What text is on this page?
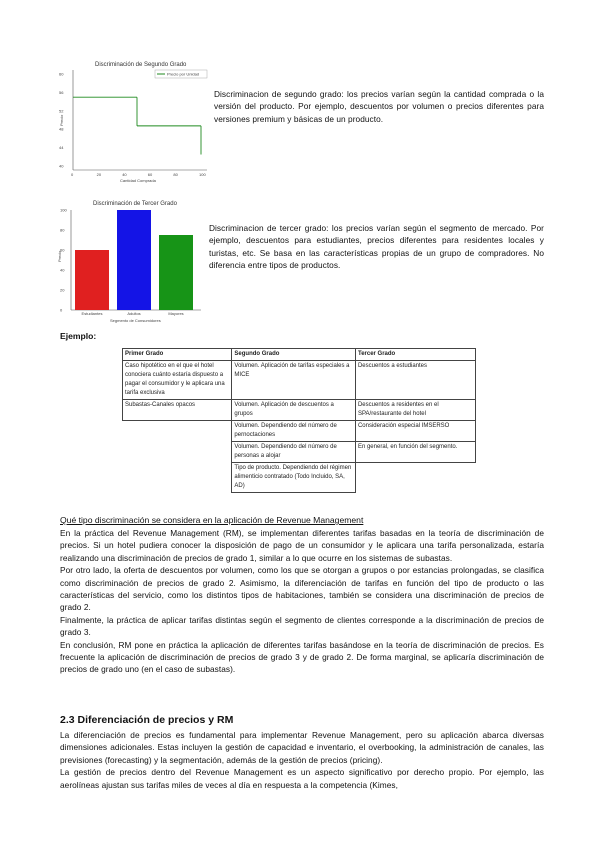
Discriminación de Segundo Grado
Precio por Unidad
60
56
52
48
44
40
0	20	40	60	80	100
Precio
Cantidad Comprada
Discriminacion de segundo grado: los precios varían según la cantidad comprada o la versión del producto. Por ejemplo, descuentos por volumen o precios diferentes para versiones premium y básicas de un producto.
Discriminación de Tercer Grado
0
20
40
60
80
100
Estudiantes	Adultos	Mayores
Precio
Segmento de Consumidores
Discriminacion de tercer grado: los precios varían según el segmento de mercado. Por ejemplo, descuentos para estudiantes, precios diferentes para residentes locales y turistas, etc. Se basa en las características propias de un grupo de compradores. No diferencia entre tipos de productos.
Ejemplo:
Primer Grado	Segundo Grado	Tercer Grado
Caso hipotético en el que el hotel conociera cuánto estaría dispuesto a pagar el consumidor y le aplicara una tarifa exclusiva	Volumen. Aplicación de tarifas especiales a MICE	Descuentos a estudiantes
Subastas-Canales opacos	Volumen. Aplicación de descuentos a grupos	Descuentos a residentes en el SPA/restaurante del hotel
	Volumen. Dependiendo del número de pernoctaciones	Consideración especial IMSERSO
	Volumen. Dependiendo del número de personas a alojar	En general, en función del segmento.
	Tipo de producto. Dependiendo del régimen alimenticio contratado (Todo Incluido, SA, AD)	
Qué tipo discriminación se considera en la aplicación de Revenue Management
En la práctica del Revenue Management (RM), se implementan diferentes tarifas basadas en la teoría de discriminación de precios. Si un hotel pudiera conocer la disposición de pago de un consumidor y le aplicara una tarifa personalizada, estaría realizando una discriminación de precios de grado 1, similar a lo que ocurre en los sistemas de subastas.
Por otro lado, la oferta de descuentos por volumen, como los que se otorgan a grupos o por estancias prolongadas, se clasifica como discriminación de precios de grado 2. Asimismo, la diferenciación de tarifas en función del tipo de producto o las características del servicio, como los distintos tipos de habitaciones, también se considera una discriminación de precios de grado 2.
Finalmente, la práctica de aplicar tarifas distintas según el segmento de clientes corresponde a la discriminación de precios de grado 3.
En conclusión, RM pone en práctica la aplicación de diferentes tarifas basándose en la teoría de discriminación de precios. Es frecuente la aplicación de discriminación de precios de grado 3 y de grado 2. De forma marginal, se aplicaría discriminación de precios de grado uno (en el caso de subastas).
2.3 Diferenciación de precios y RM
La diferenciación de precios es fundamental para implementar Revenue Management, pero su aplicación abarca diversas dimensiones adicionales. Estas incluyen la gestión de capacidad e inventario, el overbooking, la administración de canales, las previsiones (forecasting) y la segmentación, además de la gestión de precios (pricing).
La gestión de precios dentro del Revenue Management es un aspecto significativo por derecho propio. Por ejemplo, las aerolíneas ajustan sus tarifas miles de veces al día en respuesta a la competencia (Kimes,
